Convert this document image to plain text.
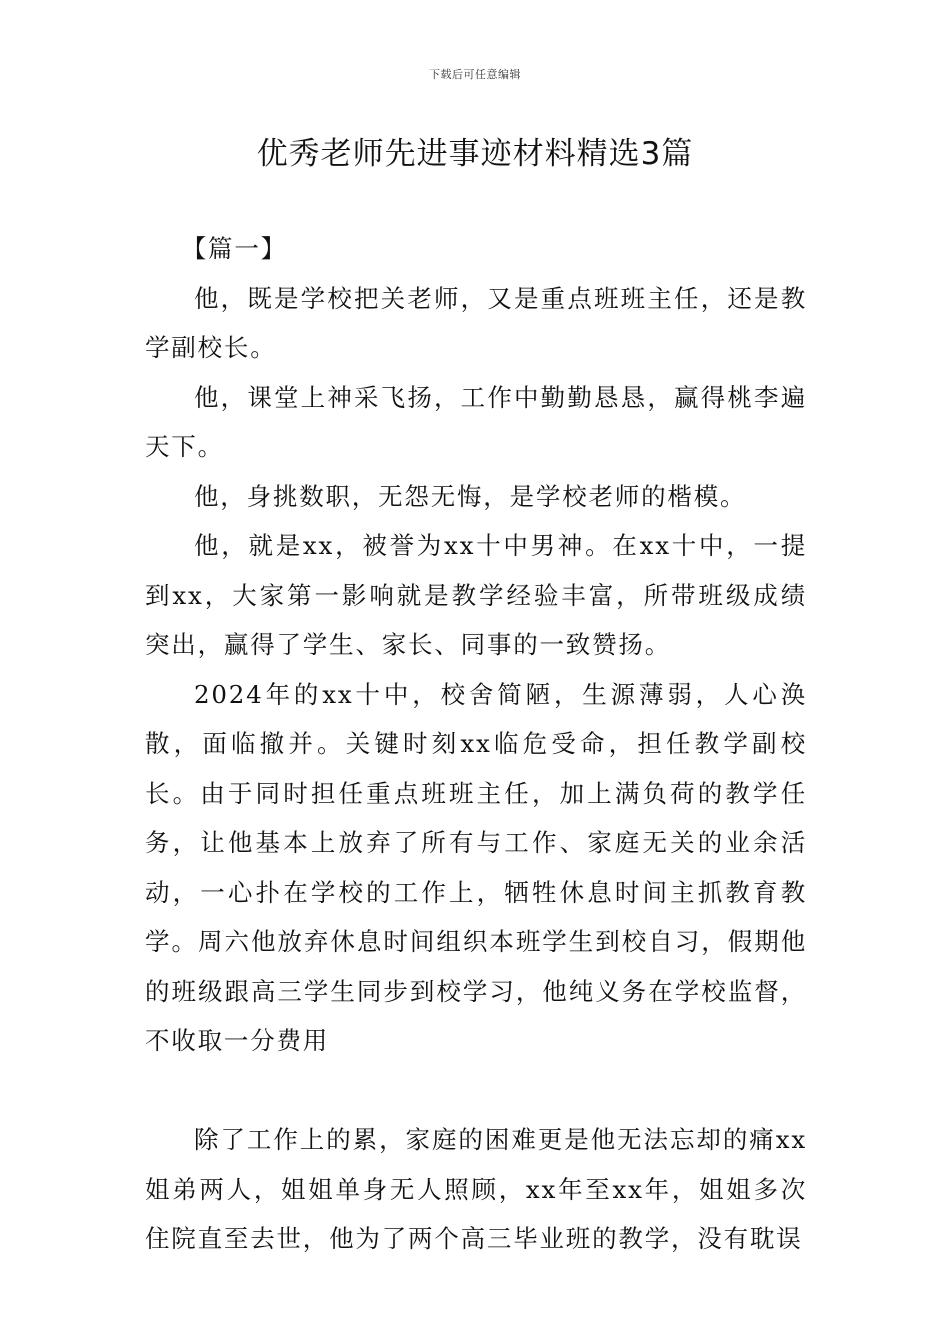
下载后可任意编辑
优秀老师先进事迹材料精选3篇

【篇一】

他，既是学校把关老师，又是重点班班主任，还是教学副校长。

他，课堂上神采飞扬，工作中勤勤恳恳，赢得桃李遍天下。

他，身挑数职，无怨无悔，是学校老师的楷模。

他，就是xx，被誉为xx十中男神。在xx十中，一提到xx，大家第一影响就是教学经验丰富，所带班级成绩突出，赢得了学生、家长、同事的一致赞扬。

2024年的xx十中，校舍简陋，生源薄弱，人心涣散，面临撤并。关键时刻xx临危受命，担任教学副校长。由于同时担任重点班班主任，加上满负荷的教学任务，让他基本上放弃了所有与工作、家庭无关的业余活动，一心扑在学校的工作上，牺牲休息时间主抓教育教学。周六他放弃休息时间组织本班学生到校自习，假期他的班级跟高三学生同步到校学习，他纯义务在学校监督，不收取一分费用

除了工作上的累，家庭的困难更是他无法忘却的痛xx姐弟两人，姐姐单身无人照顾，xx年至xx年，姐姐多次住院直至去世，他为了两个高三毕业班的教学，没有耽误
